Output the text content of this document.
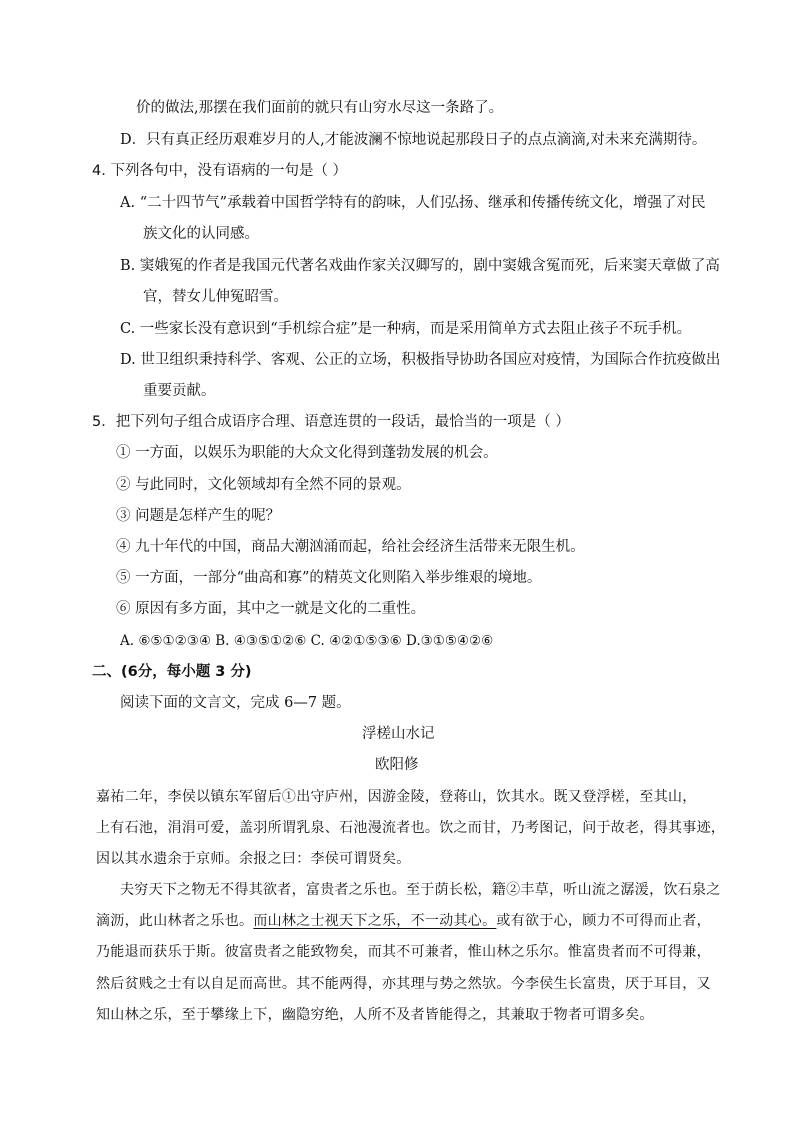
价的做法,那摆在我们面前的就只有山穷水尽这一条路了。
D．只有真正经历艰难岁月的人,才能波澜不惊地说起那段日子的点点滴滴,对未来充满期待。
4. 下列各句中，没有语病的一句是（ ）
A. “二十四节气”承载着中国哲学特有的韵味，人们弘扬、继承和传播传统文化，增强了对民
族文化的认同感。
B. 窦娥冤的作者是我国元代著名戏曲作家关汉卿写的，剧中窦娥含冤而死，后来窦天章做了高
官，替女儿伸冤昭雪。
C. 一些家长没有意识到“手机综合症”是一种病，而是采用简单方式去阻止孩子不玩手机。
D. 世卫组织秉持科学、客观、公正的立场，积极指导协助各国应对疫情，为国际合作抗疫做出
重要贡献。
5．把下列句子组合成语序合理、语意连贯的一段话，最恰当的一项是（ ）
① 一方面，以娱乐为职能的大众文化得到蓬勃发展的机会。
② 与此同时，文化领域却有全然不同的景观。
③ 问题是怎样产生的呢？
④ 九十年代的中国，商品大潮汹涌而起，给社会经济生活带来无限生机。
⑤ 一方面，一部分“曲高和寡”的精英文化则陷入举步维艰的境地。
⑥ 原因有多方面，其中之一就是文化的二重性。
A. ⑥⑤①②③④ B. ④③⑤①②⑥ C. ④②①⑤③⑥ D.③①⑤④②⑥
二、(6分，每小题 3 分)
阅读下面的文言文，完成 6—7 题。
浮槎山水记
欧阳修
嘉祐二年，李侯以镇东军留后①出守庐州，因游金陵，登蒋山，饮其水。既又登浮槎，至其山，
上有石池，涓涓可爱，盖羽所谓乳泉、石池漫流者也。饮之而甘，乃考图记，问于故老，得其事迹，
因以其水遗余于京师。余报之曰：李侯可谓贤矣。
夫穷天下之物无不得其欲者，富贵者之乐也。至于荫长松，籍②丰草，听山流之潺湲，饮石泉之
滴沥，此山林者之乐也。而山林之士视天下之乐，不一动其心。或有欲于心，顾力不可得而止者，
乃能退而获乐于斯。彼富贵者之能致物矣，而其不可兼者，惟山林之乐尔。惟富贵者而不可得兼，
然后贫贱之士有以自足而高世。其不能两得，亦其理与势之然欤。今李侯生长富贵，厌于耳目，又
知山林之乐，至于攀缘上下，幽隐穷绝，人所不及者皆能得之，其兼取于物者可谓多矣。
